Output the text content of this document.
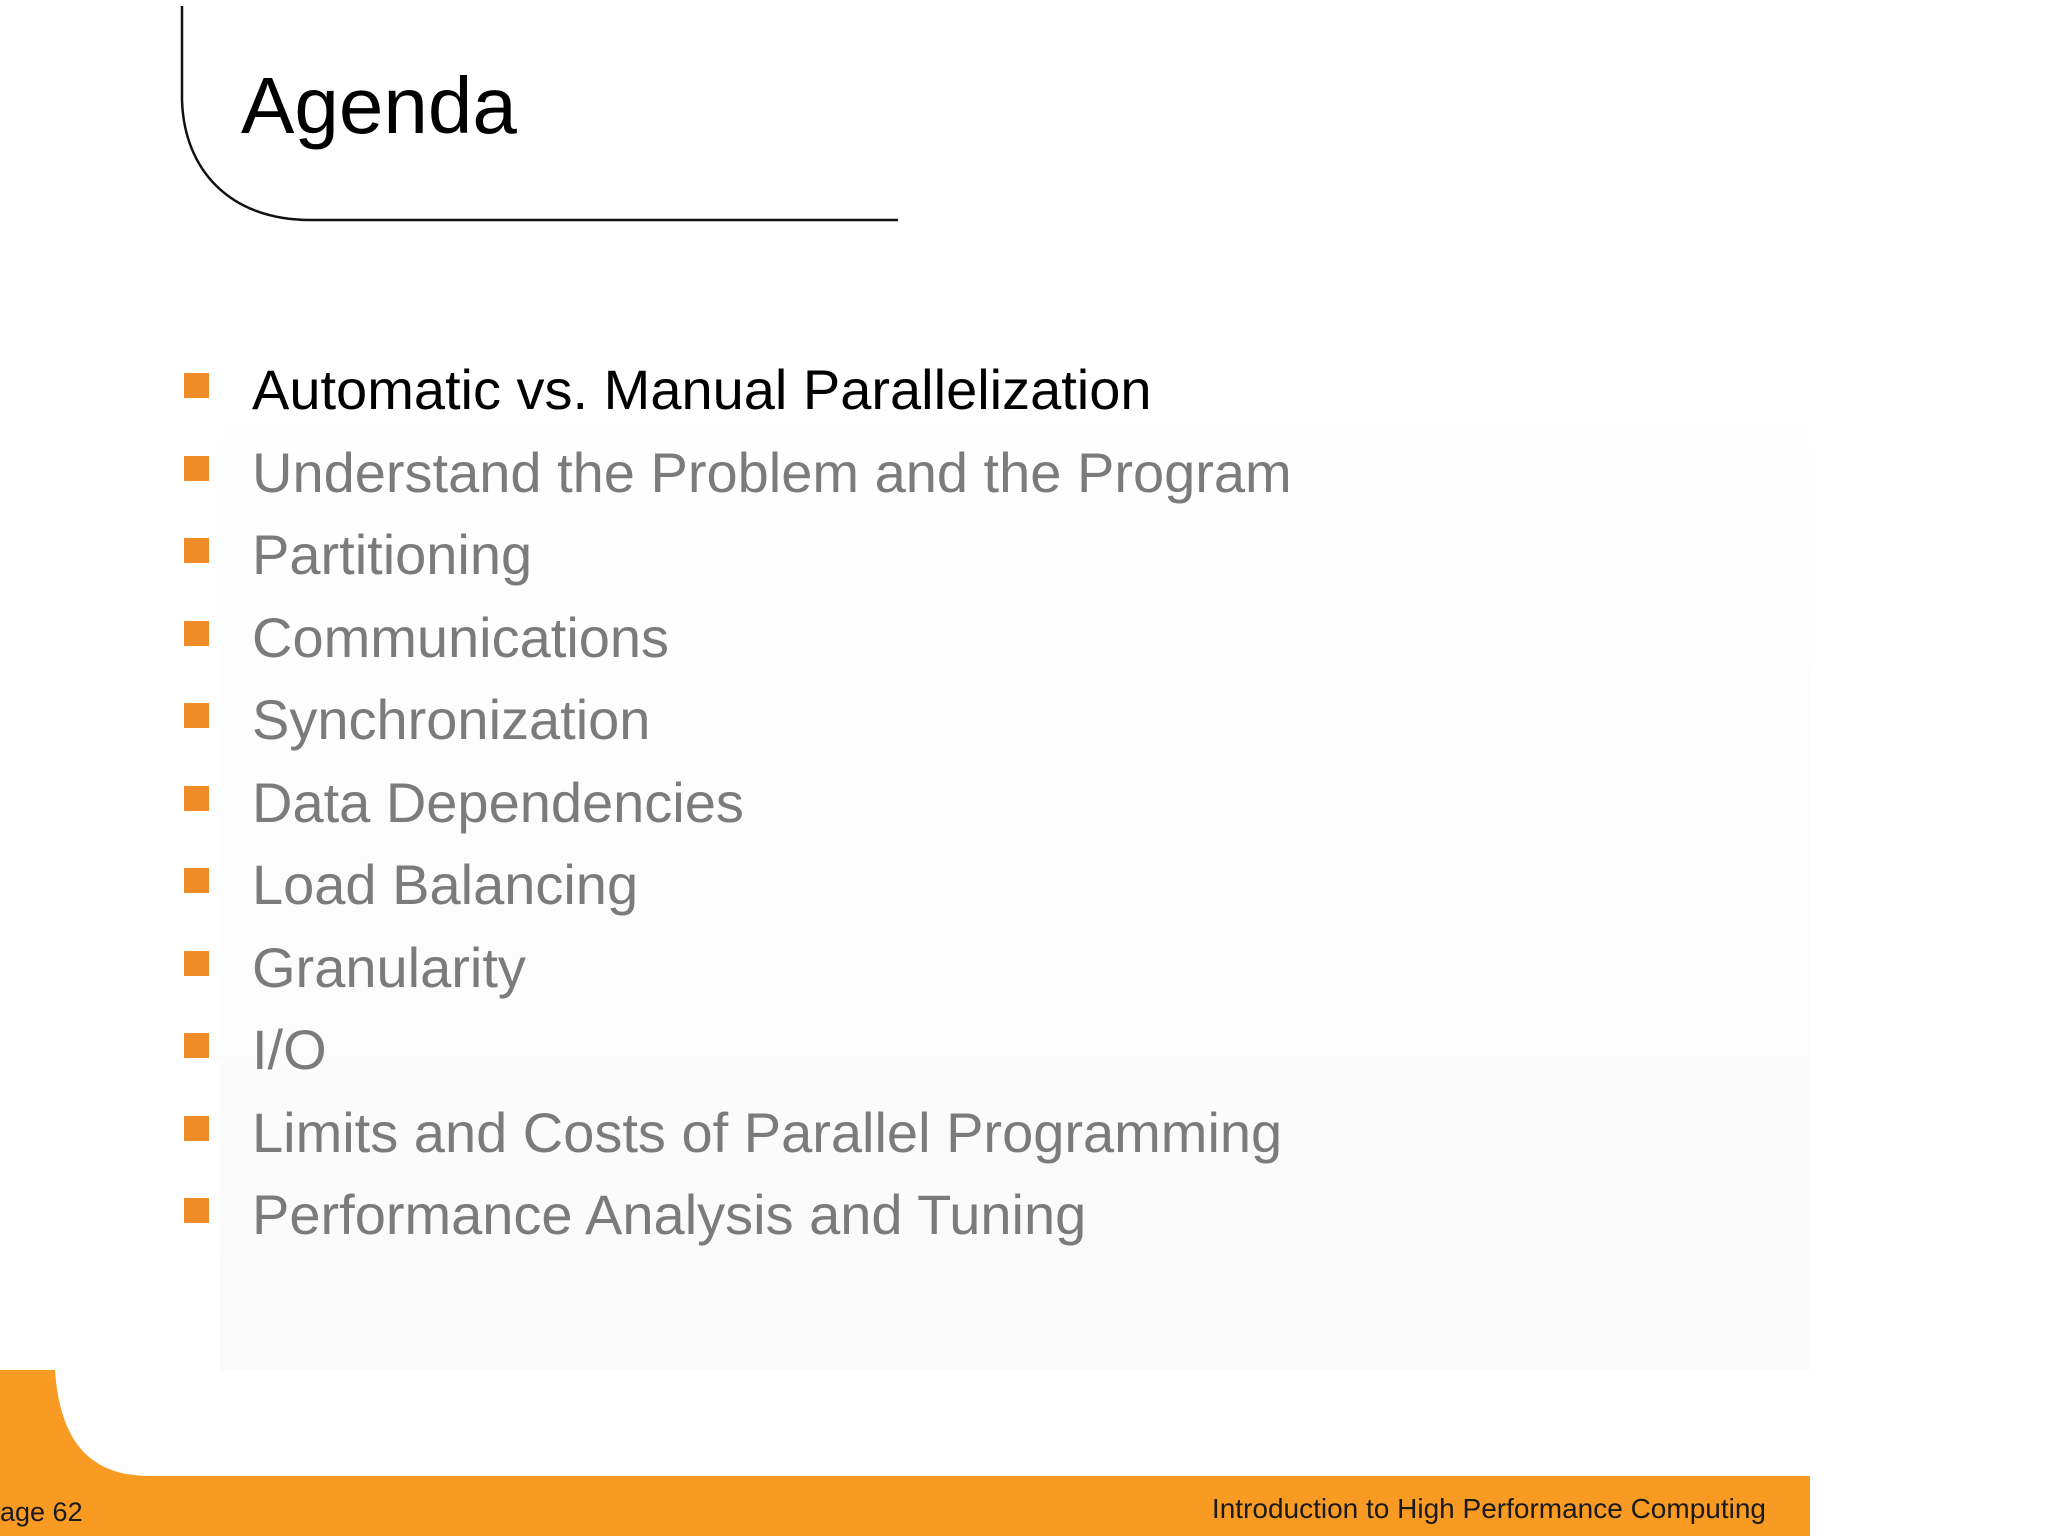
Agenda
Automatic vs. Manual Parallelization
Understand the Problem and the Program
Partitioning
Communications
Synchronization
Data Dependencies
Load Balancing
Granularity
I/O
Limits and Costs of Parallel Programming
Performance Analysis and Tuning
age 62	Introduction to High Performance Computing
